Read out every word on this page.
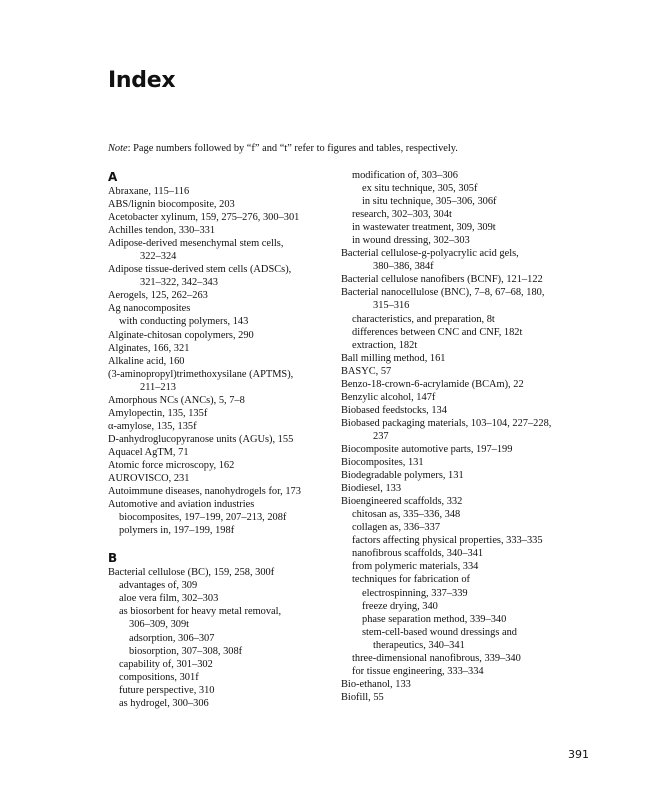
Index
Note: Page numbers followed by “f” and “t” refer to figures and tables, respectively.
A
Abraxane, 115–116
ABS/lignin biocomposite, 203
Acetobacter xylinum, 159, 275–276, 300–301
Achilles tendon, 330–331
Adipose-derived mesenchymal stem cells,
322–324
Adipose tissue-derived stem cells (ADSCs),
321–322, 342–343
Aerogels, 125, 262–263
Ag nanocomposites
with conducting polymers, 143
Alginate-chitosan copolymers, 290
Alginates, 166, 321
Alkaline acid, 160
(3-aminopropyl)trimethoxysilane (APTMS),
211–213
Amorphous NCs (ANCs), 5, 7–8
Amylopectin, 135, 135f
α-amylose, 135, 135f
D-anhydroglucopyranose units (AGUs), 155
Aquacel AgTM, 71
Atomic force microscopy, 162
AUROVISCO, 231
Autoimmune diseases, nanohydrogels for, 173
Automotive and aviation industries
biocomposites, 197–199, 207–213, 208f
polymers in, 197–199, 198f
B
Bacterial cellulose (BC), 159, 258, 300f
advantages of, 309
aloe vera film, 302–303
as biosorbent for heavy metal removal,
306–309, 309t
adsorption, 306–307
biosorption, 307–308, 308f
capability of, 301–302
compositions, 301f
future perspective, 310
as hydrogel, 300–306
modification of, 303–306
ex situ technique, 305, 305f
in situ technique, 305–306, 306f
research, 302–303, 304t
in wastewater treatment, 309, 309t
in wound dressing, 302–303
Bacterial cellulose-g-polyacrylic acid gels,
380–386, 384f
Bacterial cellulose nanofibers (BCNF), 121–122
Bacterial nanocellulose (BNC), 7–8, 67–68, 180,
315–316
characteristics, and preparation, 8t
differences between CNC and CNF, 182t
extraction, 182t
Ball milling method, 161
BASYC, 57
Benzo-18-crown-6-acrylamide (BCAm), 22
Benzylic alcohol, 147f
Biobased feedstocks, 134
Biobased packaging materials, 103–104, 227–228,
237
Biocomposite automotive parts, 197–199
Biocomposites, 131
Biodegradable polymers, 131
Biodiesel, 133
Bioengineered scaffolds, 332
chitosan as, 335–336, 348
collagen as, 336–337
factors affecting physical properties, 333–335
nanofibrous scaffolds, 340–341
from polymeric materials, 334
techniques for fabrication of
electrospinning, 337–339
freeze drying, 340
phase separation method, 339–340
stem-cell-based wound dressings and
therapeutics, 340–341
three-dimensional nanofibrous, 339–340
for tissue engineering, 333–334
Bio-ethanol, 133
Biofill, 55
391
